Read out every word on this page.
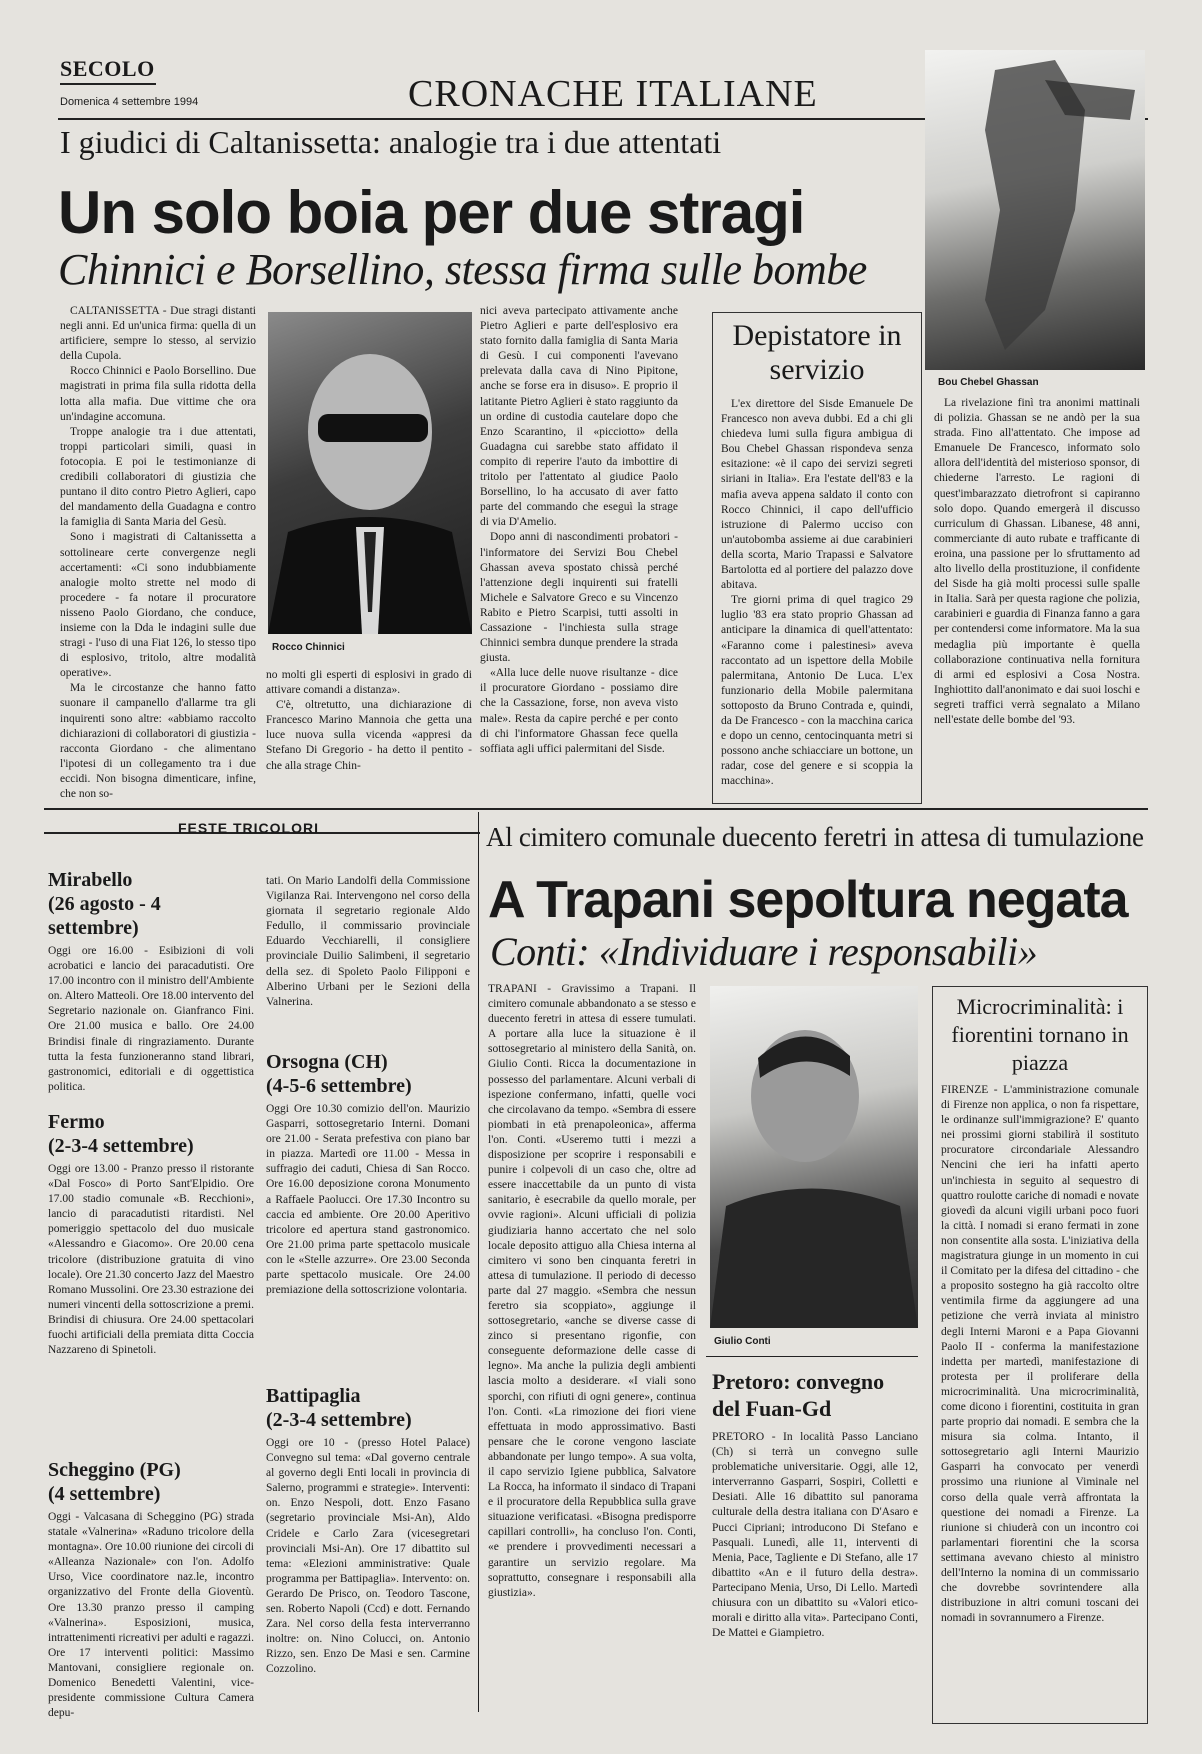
SECOLO
Domenica 4 settembre 1994	CRONACHE ITALIANE
I giudici di Caltanissetta: analogie tra i due attentati
Un solo boia per due stragi
Chinnici e Borsellino, stessa firma sulle bombe
Bou Chebel Ghassan

CALTANISSETTA - Due stragi distanti negli anni. Ed un'unica firma: quella di un artificiere, sempre lo stesso, al servizio della Cupola.

Rocco Chinnici e Paolo Borsellino. Due magistrati in prima fila sulla ridotta della lotta alla mafia. Due vittime che ora un'indagine accomuna.

Troppe analogie tra i due attentati, troppi particolari simili, quasi in fotocopia. E poi le testimonianze di credibili collaboratori di giustizia che puntano il dito contro Pietro Aglieri, capo del mandamento della Guadagna e contro la famiglia di Santa Maria del Gesù.

Sono i magistrati di Caltanissetta a sottolineare certe convergenze negli accertamenti: «Ci sono indubbiamente analogie molto strette nel modo di procedere - fa notare il procuratore nisseno Paolo Giordano, che conduce, insieme con la Dda le indagini sulle due stragi - l'uso di una Fiat 126, lo stesso tipo di esplosivo, tritolo, altre modalità operative».

Ma le circostanze che hanno fatto suonare il campanello d'allarme tra gli inquirenti sono altre: «abbiamo raccolto dichiarazioni di collaboratori di giustizia - racconta Giordano - che alimentano l'ipotesi di un collegamento tra i due eccidi. Non bisogna dimenticare, infine, che non so-

Rocco Chinnici

no molti gli esperti di esplosivi in grado di attivare comandi a distanza».

C'è, oltretutto, una dichiarazione di Francesco Marino Mannoia che getta una luce nuova sulla vicenda «appresi da Stefano Di Gregorio - ha detto il pentito - che alla strage Chin-

nici aveva partecipato attivamente anche Pietro Aglieri e parte dell'esplosivo era stato fornito dalla famiglia di Santa Maria di Gesù. I cui componenti l'avevano prelevata dalla cava di Nino Pipitone, anche se forse era in disuso». E proprio il latitante Pietro Aglieri è stato raggiunto da un ordine di custodia cautelare dopo che Enzo Scarantino, il «picciotto» della Guadagna cui sarebbe stato affidato il compito di reperire l'auto da imbottire di tritolo per l'attentato al giudice Paolo Borsellino, lo ha accusato di aver fatto parte del commando che eseguì la strage di via D'Amelio.

Dopo anni di nascondimenti probatori - l'informatore dei Servizi Bou Chebel Ghassan aveva spostato chissà perché l'attenzione degli inquirenti sui fratelli Michele e Salvatore Greco e su Vincenzo Rabito e Pietro Scarpisi, tutti assolti in Cassazione - l'inchiesta sulla strage Chinnici sembra dunque prendere la strada giusta.

«Alla luce delle nuove risultanze - dice il procuratore Giordano - possiamo dire che la Cassazione, forse, non aveva visto male». Resta da capire perché e per conto di chi l'informatore Ghassan fece quella soffiata agli uffici palermitani del Sisde.

Depistatore in servizio

L'ex direttore del Sisde Emanuele De Francesco non aveva dubbi. Ed a chi gli chiedeva lumi sulla figura ambigua di Bou Chebel Ghassan rispondeva senza esitazione: «è il capo dei servizi segreti siriani in Italia». Era l'estate dell'83 e la mafia aveva appena saldato il conto con Rocco Chinnici, il capo dell'ufficio istruzione di Palermo ucciso con un'autobomba assieme ai due carabinieri della scorta, Mario Trapassi e Salvatore Bartolotta ed al portiere del palazzo dove abitava.

Tre giorni prima di quel tragico 29 luglio '83 era stato proprio Ghassan ad anticipare la dinamica di quell'attentato: «Faranno come i palestinesi» aveva raccontato ad un ispettore della Mobile palermitana, Antonio De Luca. L'ex funzionario della Mobile palermitana sottoposto da Bruno Contrada e, quindi, da De Francesco - con la macchina carica e dopo un cenno, centocinquanta metri si possono anche schiacciare un bottone, un radar, cose del genere e si scoppia la macchina».

La rivelazione finì tra anonimi mattinali di polizia. Ghassan se ne andò per la sua strada. Fino all'attentato. Che impose ad Emanuele De Francesco, informato solo allora dell'identità del misterioso sponsor, di chiederne l'arresto. Le ragioni di quest'imbarazzato dietrofront si capiranno solo dopo. Quando emergerà il discusso curriculum di Ghassan. Libanese, 48 anni, commerciante di auto rubate e trafficante di eroina, una passione per lo sfruttamento ad alto livello della prostituzione, il confidente del Sisde ha già molti processi sulle spalle in Italia. Sarà per questa ragione che polizia, carabinieri e guardia di Finanza fanno a gara per contendersi come informatore. Ma la sua medaglia più importante è quella collaborazione continuativa nella fornitura di armi ed esplosivi a Cosa Nostra. Inghiottito dall'anonimato e dai suoi loschi e segreti traffici verrà segnalato a Milano nell'estate delle bombe del '93.

FESTE TRICOLORI
Mirabello
(26 agosto - 4 settembre)

Oggi ore 16.00 - Esibizioni di voli acrobatici e lancio dei paracadutisti. Ore 17.00 incontro con il ministro dell'Ambiente on. Altero Matteoli. Ore 18.00 intervento del Segretario nazionale on. Gianfranco Fini. Ore 21.00 musica e ballo. Ore 24.00 Brindisi finale di ringraziamento. Durante tutta la festa funzioneranno stand librari, gastronomici, editoriali e di oggettistica politica.

Fermo
(2-3-4 settembre)

Oggi ore 13.00 - Pranzo presso il ristorante «Dal Fosco» di Porto Sant'Elpidio. Ore 17.00 stadio comunale «B. Recchioni», lancio di paracadutisti ritardisti. Nel pomeriggio spettacolo del duo musicale «Alessandro e Giacomo». Ore 20.00 cena tricolore (distribuzione gratuita di vino locale). Ore 21.30 concerto Jazz del Maestro Romano Mussolini. Ore 23.30 estrazione dei numeri vincenti della sottoscrizione a premi. Brindisi di chiusura. Ore 24.00 spettacolari fuochi artificiali della premiata ditta Coccia Nazzareno di Spinetoli.

Scheggino (PG)
(4 settembre)

Oggi - Valcasana di Scheggino (PG) strada statale «Valnerina» «Raduno tricolore della montagna». Ore 10.00 riunione dei circoli di «Alleanza Nazionale» con l'on. Adolfo Urso, Vice coordinatore naz.le, incontro organizzativo del Fronte della Gioventù. Ore 13.30 pranzo presso il camping «Valnerina». Esposizioni, musica, intrattenimenti ricreativi per adulti e ragazzi. Ore 17 interventi politici: Massimo Mantovani, consigliere regionale on. Domenico Benedetti Valentini, vice-presidente commissione Cultura Camera depu-

tati. On Mario Landolfi della Commissione Vigilanza Rai. Intervengono nel corso della giornata il segretario regionale Aldo Fedullo, il commissario provinciale Eduardo Vecchiarelli, il consigliere provinciale Duilio Salimbeni, il segretario della sez. di Spoleto Paolo Filipponi e Alberino Urbani per le Sezioni della Valnerina.

Orsogna (CH)
(4-5-6 settembre)

Oggi Ore 10.30 comizio dell'on. Maurizio Gasparri, sottosegretario Interni. Domani ore 21.00 - Serata prefestiva con piano bar in piazza. Martedì ore 11.00 - Messa in suffragio dei caduti, Chiesa di San Rocco. Ore 16.00 deposizione corona Monumento a Raffaele Paolucci. Ore 17.30 Incontro su caccia ed ambiente. Ore 20.00 Aperitivo tricolore ed apertura stand gastronomico. Ore 21.00 prima parte spettacolo musicale con le «Stelle azzurre». Ore 23.00 Seconda parte spettacolo musicale. Ore 24.00 premiazione della sottoscrizione volontaria.

Battipaglia
(2-3-4 settembre)

Oggi ore 10 - (presso Hotel Palace) Convegno sul tema: «Dal governo centrale al governo degli Enti locali in provincia di Salerno, programmi e strategie». Interventi: on. Enzo Nespoli, dott. Enzo Fasano (segretario provinciale Msi-An), Aldo Cridele e Carlo Zara (vicesegretari provinciali Msi-An). Ore 17 dibattito sul tema: «Elezioni amministrative: Quale programma per Battipaglia». Intervento: on. Gerardo De Prisco, on. Teodoro Tascone, sen. Roberto Napoli (Ccd) e dott. Fernando Zara. Nel corso della festa interverranno inoltre: on. Nino Colucci, on. Antonio Rizzo, sen. Enzo De Masi e sen. Carmine Cozzolino.

Al cimitero comunale duecento feretri in attesa di tumulazione
A Trapani sepoltura negata
Conti: «Individuare i responsabili»

TRAPANI - Gravissimo a Trapani. Il cimitero comunale abbandonato a se stesso e duecento feretri in attesa di essere tumulati. A portare alla luce la situazione è il sottosegretario al ministero della Sanità, on. Giulio Conti. Ricca la documentazione in possesso del parlamentare. Alcuni verbali di ispezione confermano, infatti, quelle voci che circolavano da tempo. «Sembra di essere piombati in età prenapoleonica», afferma l'on. Conti. «Useremo tutti i mezzi a disposizione per scoprire i responsabili e punire i colpevoli di un caso che, oltre ad essere inaccettabile da un punto di vista sanitario, è esecrabile da quello morale, per ovvie ragioni». Alcuni ufficiali di polizia giudiziaria hanno accertato che nel solo locale deposito attiguo alla Chiesa interna al cimitero vi sono ben cinquanta feretri in attesa di tumulazione. Il periodo di decesso parte dal 27 maggio. «Sembra che nessun feretro sia scoppiato», aggiunge il sottosegretario, «anche se diverse casse di zinco si presentano rigonfie, con conseguente deformazione delle casse di legno». Ma anche la pulizia degli ambienti lascia molto a desiderare. «I viali sono sporchi, con rifiuti di ogni genere», continua l'on. Conti. «La rimozione dei fiori viene effettuata in modo approssimativo. Basti pensare che le corone vengono lasciate abbandonate per lungo tempo». A sua volta, il capo servizio Igiene pubblica, Salvatore La Rocca, ha informato il sindaco di Trapani e il procuratore della Repubblica sulla grave situazione verificatasi. «Bisogna predisporre capillari controlli», ha concluso l'on. Conti, «e prendere i provvedimenti necessari a garantire un servizio regolare. Ma soprattutto, consegnare i responsabili alla giustizia».

Giulio Conti
Pretoro: convegno del Fuan-Gd

PRETORO - In località Passo Lanciano (Ch) si terrà un convegno sulle problematiche universitarie. Oggi, alle 12, interverranno Gasparri, Sospiri, Colletti e Desiati. Alle 16 dibattito sul panorama culturale della destra italiana con D'Asaro e Pucci Cipriani; introducono Di Stefano e Pasquali. Lunedì, alle 11, interventi di Menia, Pace, Tagliente e Di Stefano, alle 17 dibattito «An e il futuro della destra». Partecipano Menia, Urso, Di Lello. Martedì chiusura con un dibattito su «Valori etico-morali e diritto alla vita». Partecipano Conti, De Mattei e Giampietro.

Microcriminalità: i fiorentini tornano in piazza

FIRENZE - L'amministrazione comunale di Firenze non applica, o non fa rispettare, le ordinanze sull'immigrazione? E' quanto nei prossimi giorni stabilirà il sostituto procuratore circondariale Alessandro Nencini che ieri ha infatti aperto un'inchiesta in seguito al sequestro di quattro roulotte cariche di nomadi e novate giovedì da alcuni vigili urbani poco fuori la città. I nomadi si erano fermati in zone non consentite alla sosta. L'iniziativa della magistratura giunge in un momento in cui il Comitato per la difesa del cittadino - che a proposito sostegno ha già raccolto oltre ventimila firme da aggiungere ad una petizione che verrà inviata al ministro degli Interni Maroni e a Papa Giovanni Paolo II - conferma la manifestazione indetta per martedì, manifestazione di protesta per il proliferare della microcriminalità. Una microcriminalità, come dicono i fiorentini, costituita in gran parte proprio dai nomadi. E sembra che la misura sia colma. Intanto, il sottosegretario agli Interni Maurizio Gasparri ha convocato per venerdì prossimo una riunione al Viminale nel corso della quale verrà affrontata la questione dei nomadi a Firenze. La riunione si chiuderà con un incontro coi parlamentari fiorentini che la scorsa settimana avevano chiesto al ministro dell'Interno la nomina di un commissario che dovrebbe sovrintendere alla distribuzione in altri comuni toscani dei nomadi in sovrannumero a Firenze.
